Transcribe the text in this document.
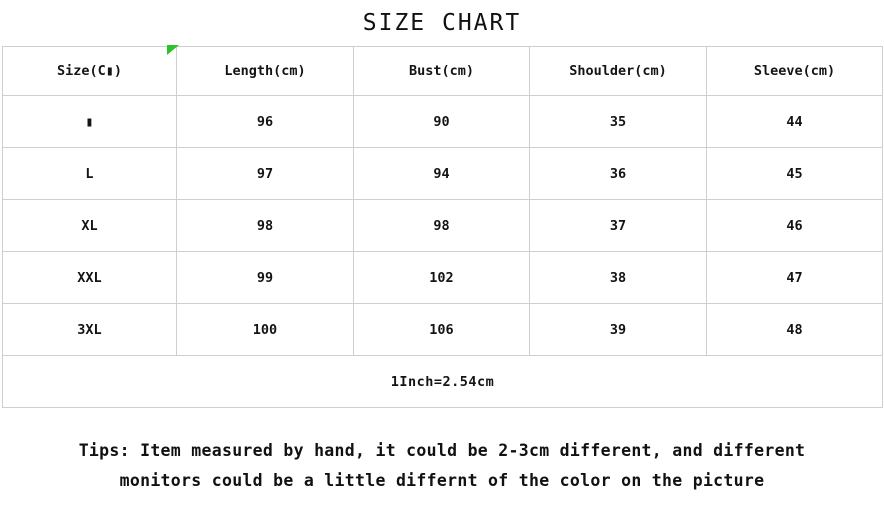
SIZE CHART
Size(C▮)	Length(cm)	Bust(cm)	Shoulder(cm)	Sleeve(cm)
▮	96	90	35	44
L	97	94	36	45
XL	98	98	37	46
XXL	99	102	38	47
3XL	100	106	39	48
1Inch=2.54cm				
Tips: Item measured by hand, it could be 2-3cm different, and different
monitors could be a little differnt of the color on the picture
